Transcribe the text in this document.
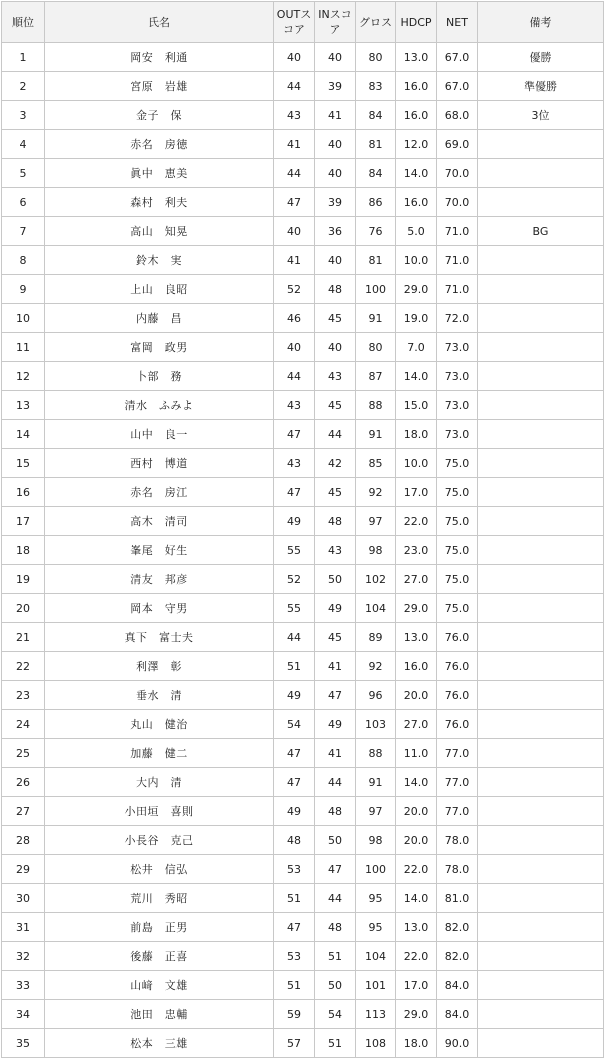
順位	氏名	OUTスコア	INスコア	グロス	HDCP	NET	備考
1	岡安　利通	40	40	80	13.0	67.0	優勝
2	宮原　岩雄	44	39	83	16.0	67.0	準優勝
3	金子　保	43	41	84	16.0	68.0	3位
4	赤名　房徳	41	40	81	12.0	69.0	
5	眞中　恵美	44	40	84	14.0	70.0	
6	森村　利夫	47	39	86	16.0	70.0	
7	高山　知晃	40	36	76	5.0	71.0	BG
8	鈴木　実	41	40	81	10.0	71.0	
9	上山　良昭	52	48	100	29.0	71.0	
10	内藤　昌	46	45	91	19.0	72.0	
11	富岡　政男	40	40	80	7.0	73.0	
12	卜部　務	44	43	87	14.0	73.0	
13	清水　ふみよ	43	45	88	15.0	73.0	
14	山中　良一	47	44	91	18.0	73.0	
15	西村　博道	43	42	85	10.0	75.0	
16	赤名　房江	47	45	92	17.0	75.0	
17	高木　清司	49	48	97	22.0	75.0	
18	峯尾　好生	55	43	98	23.0	75.0	
19	清友　邦彦	52	50	102	27.0	75.0	
20	岡本　守男	55	49	104	29.0	75.0	
21	真下　富士夫	44	45	89	13.0	76.0	
22	利澤　彰	51	41	92	16.0	76.0	
23	垂水　清	49	47	96	20.0	76.0	
24	丸山　健治	54	49	103	27.0	76.0	
25	加藤　健二	47	41	88	11.0	77.0	
26	大内　清	47	44	91	14.0	77.0	
27	小田垣　喜則	49	48	97	20.0	77.0	
28	小長谷　克己	48	50	98	20.0	78.0	
29	松井　信弘	53	47	100	22.0	78.0	
30	荒川　秀昭	51	44	95	14.0	81.0	
31	前島　正男	47	48	95	13.0	82.0	
32	後藤　正喜	53	51	104	22.0	82.0	
33	山﨑　文雄	51	50	101	17.0	84.0	
34	池田　忠輔	59	54	113	29.0	84.0	
35	松本　三雄	57	51	108	18.0	90.0	
